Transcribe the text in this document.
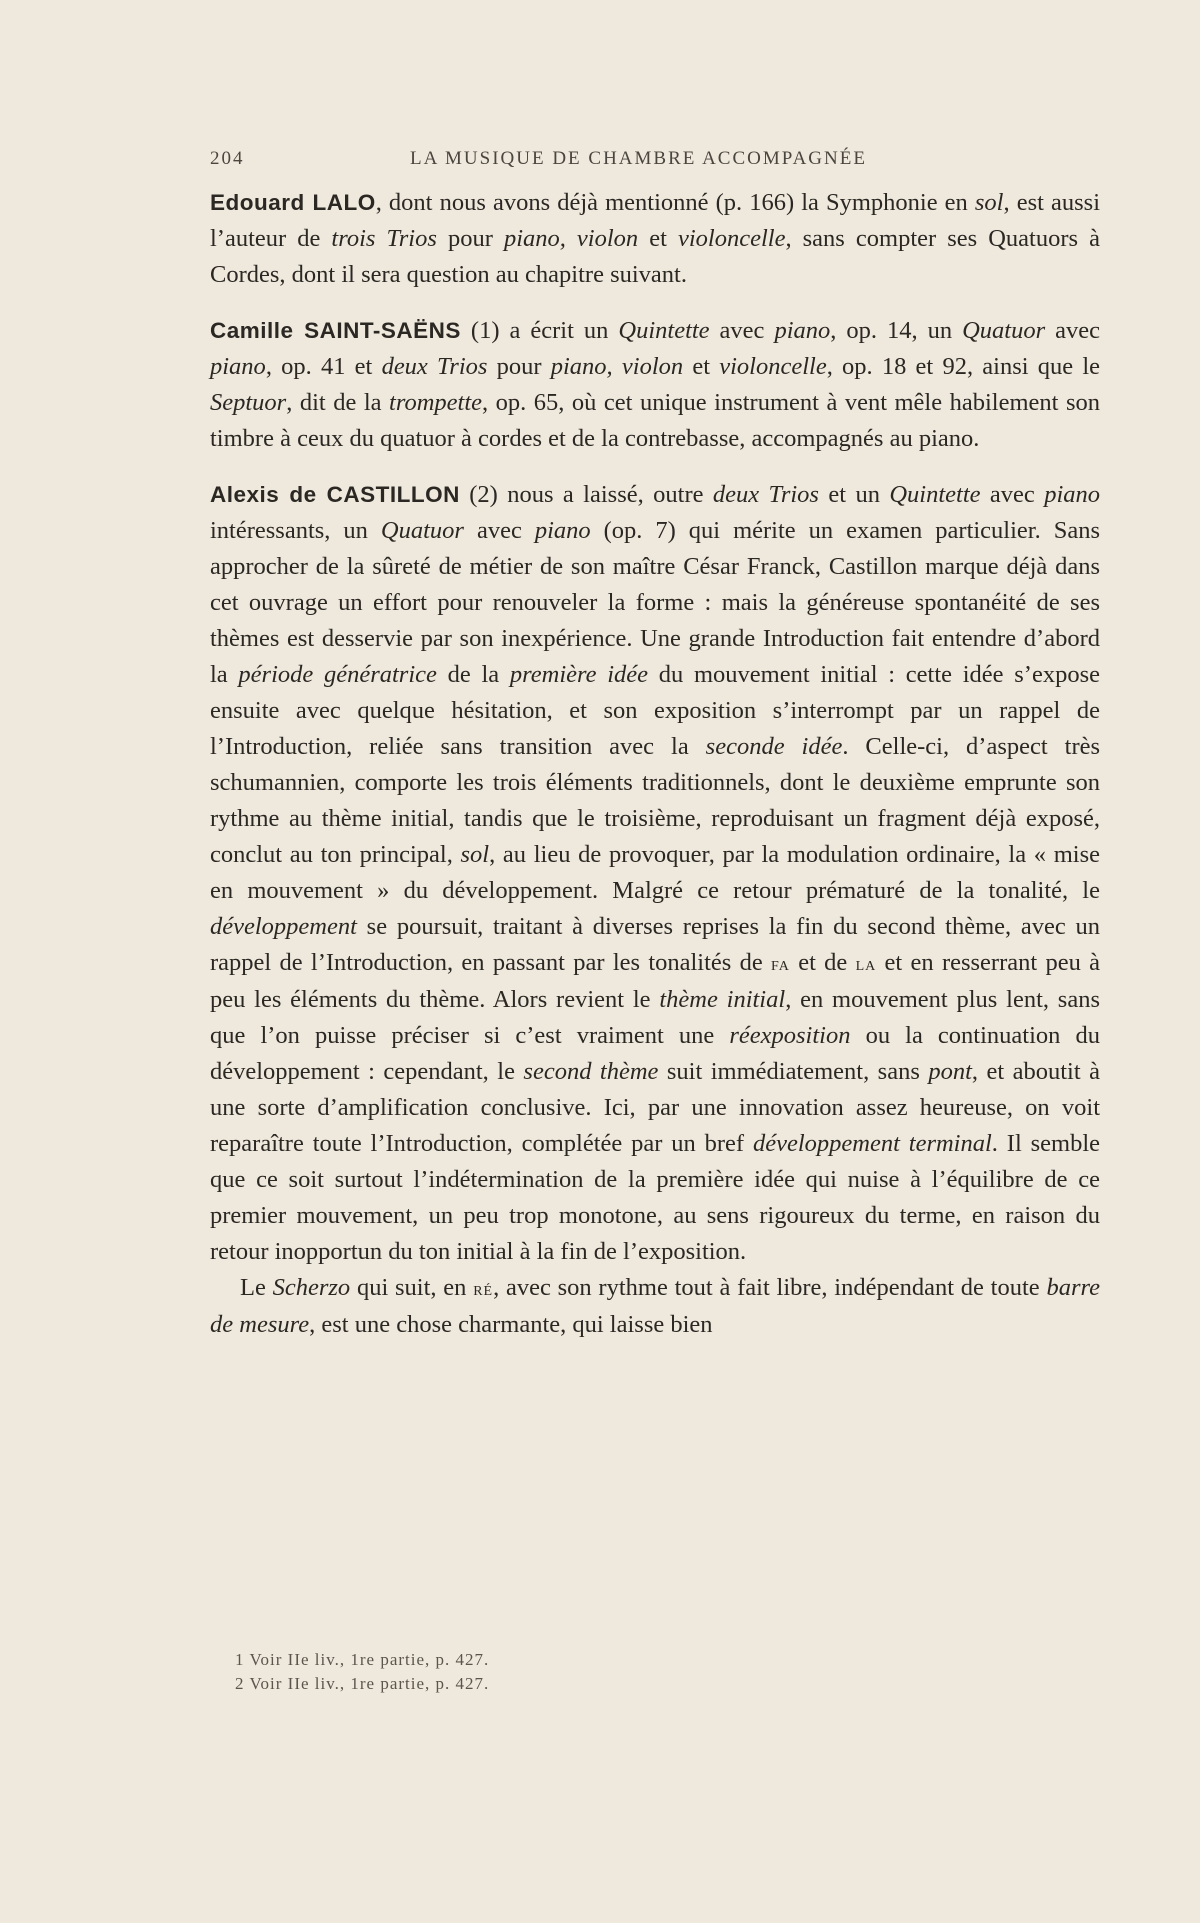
204	LA MUSIQUE DE CHAMBRE ACCOMPAGNÉE

Edouard LALO, dont nous avons déjà mentionné (p. 166) la Symphonie en sol, est aussi l’auteur de trois Trios pour piano, violon et violoncelle, sans compter ses Quatuors à Cordes, dont il sera question au chapitre suivant.

Camille SAINT-SAËNS (1) a écrit un Quintette avec piano, op. 14, un Quatuor avec piano, op. 41 et deux Trios pour piano, violon et violoncelle, op. 18 et 92, ainsi que le Septuor, dit de la trompette, op. 65, où cet unique instrument à vent mêle habilement son timbre à ceux du quatuor à cordes et de la contrebasse, accompagnés au piano.

Alexis de CASTILLON (2) nous a laissé, outre deux Trios et un Quintette avec piano intéressants, un Quatuor avec piano (op. 7) qui mérite un examen particulier. Sans approcher de la sûreté de métier de son maître César Franck, Castillon marque déjà dans cet ouvrage un effort pour renouveler la forme : mais la généreuse spontanéité de ses thèmes est desservie par son inexpérience. Une grande Introduction fait entendre d’abord la période génératrice de la première idée du mouvement initial : cette idée s’expose ensuite avec quelque hésitation, et son exposition s’interrompt par un rappel de l’Introduction, reliée sans transition avec la seconde idée. Celle-ci, d’aspect très schumannien, comporte les trois éléments traditionnels, dont le deuxième emprunte son rythme au thème initial, tandis que le troisième, reproduisant un fragment déjà exposé, conclut au ton principal, sol, au lieu de provoquer, par la modulation ordinaire, la « mise en mouvement » du développement. Malgré ce retour prématuré de la tonalité, le développement se poursuit, traitant à diverses reprises la fin du second thème, avec un rappel de l’Introduction, en passant par les tonalités de fa et de la et en resserrant peu à peu les éléments du thème. Alors revient le thème initial, en mouvement plus lent, sans que l’on puisse préciser si c’est vraiment une réexposition ou la continuation du développement : cependant, le second thème suit immédiatement, sans pont, et aboutit à une sorte d’amplification conclusive. Ici, par une innovation assez heureuse, on voit reparaître toute l’Introduction, complétée par un bref développement terminal. Il semble que ce soit surtout l’indétermination de la première idée qui nuise à l’équilibre de ce premier mouvement, un peu trop monotone, au sens rigoureux du terme, en raison du retour inopportun du ton initial à la fin de l’exposition.

Le Scherzo qui suit, en ré, avec son rythme tout à fait libre, indépendant de toute barre de mesure, est une chose charmante, qui laisse bien

1 Voir IIe liv., 1re partie, p. 427.
2 Voir IIe liv., 1re partie, p. 427.
